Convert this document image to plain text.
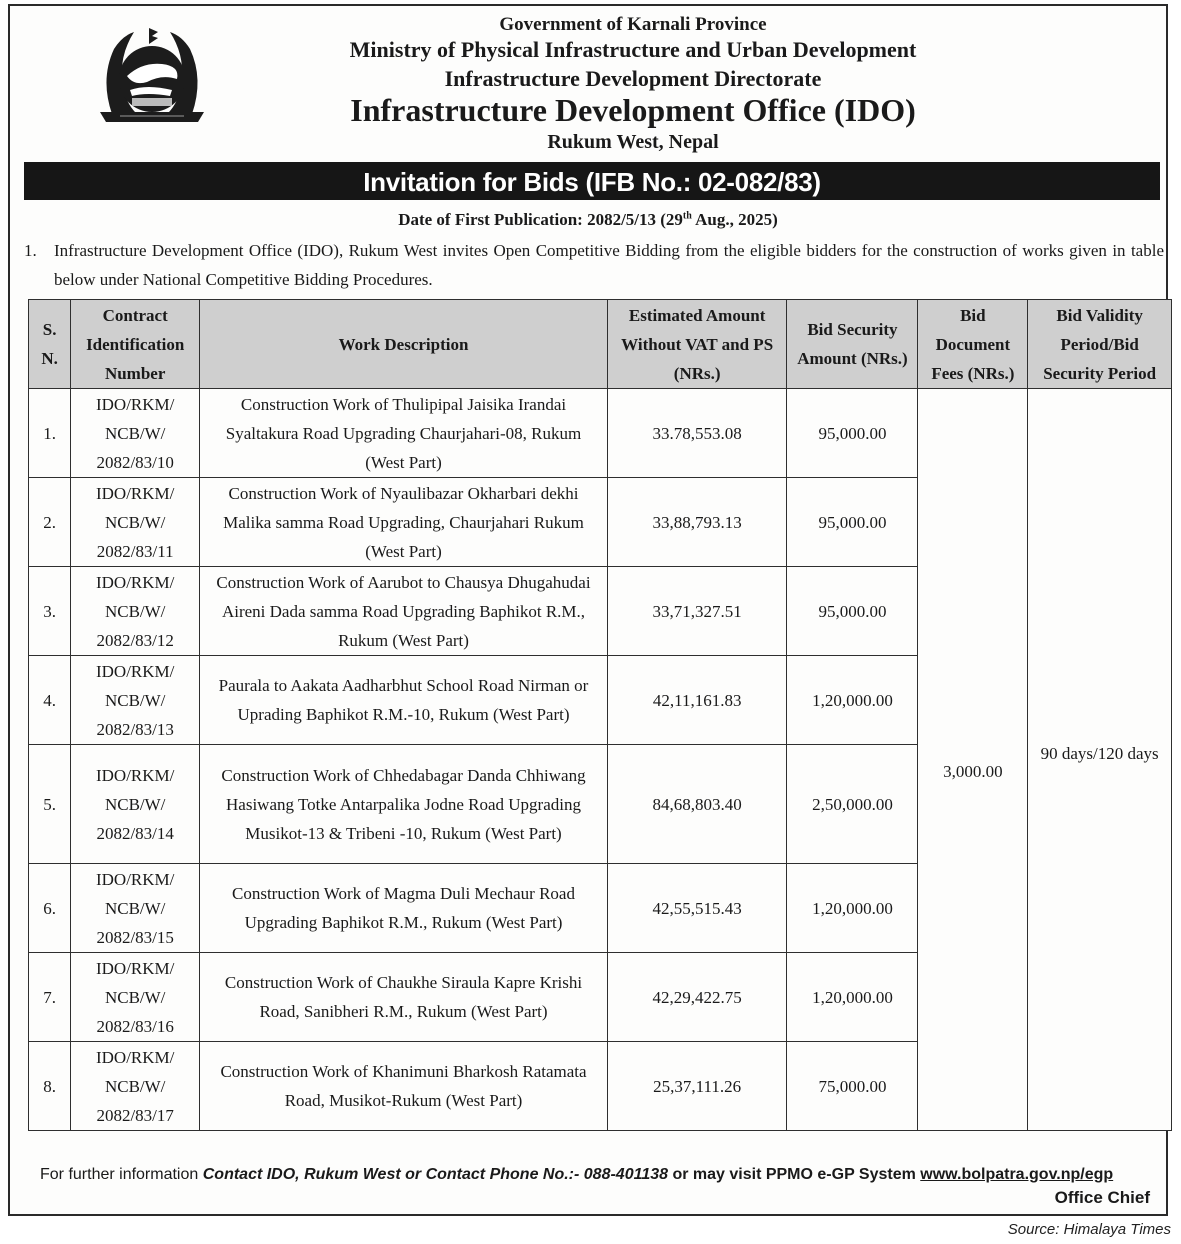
Government of Karnali Province
Ministry of Physical Infrastructure and Urban Development
Infrastructure Development Directorate
Infrastructure Development Office (IDO)
Rukum West, Nepal
Invitation for Bids (IFB No.: 02-082/83)
Date of First Publication: 2082/5/13 (29th Aug., 2025)
1. Infrastructure Development Office (IDO), Rukum West invites Open Competitive Bidding from the eligible bidders for the construction of works given in table below under National Competitive Bidding Procedures.
S. N.	Contract Identification Number	Work Description	Estimated Amount Without VAT and PS (NRs.)	Bid Security Amount (NRs.)	Bid Document Fees (NRs.)	Bid Validity Period/Bid Security Period
1.	IDO/RKM/ NCB/W/ 2082/83/10	Construction Work of Thulipipal Jaisika Irandai Syaltakura Road Upgrading Chaurjahari-08, Rukum (West Part)	33.78,553.08	95,000.00	3,000.00	90 days/120 days
2.	IDO/RKM/ NCB/W/ 2082/83/11	Construction Work of Nyaulibazar Okharbari dekhi Malika samma Road Upgrading, Chaurjahari Rukum (West Part)	33,88,793.13	95,000.00		
3.	IDO/RKM/ NCB/W/ 2082/83/12	Construction Work of Aarubot to Chausya Dhugahudai Aireni Dada samma Road Upgrading Baphikot R.M., Rukum (West Part)	33,71,327.51	95,000.00		
4.	IDO/RKM/ NCB/W/ 2082/83/13	Paurala to Aakata Aadharbhut School Road Nirman or Uprading Baphikot R.M.-10, Rukum (West Part)	42,11,161.83	1,20,000.00		
5.	IDO/RKM/ NCB/W/ 2082/83/14	Construction Work of Chhedabagar Danda Chhiwang Hasiwang Totke Antarpalika Jodne Road Upgrading Musikot-13 & Tribeni -10, Rukum (West Part)	84,68,803.40	2,50,000.00		
6.	IDO/RKM/ NCB/W/ 2082/83/15	Construction Work of Magma Duli Mechaur Road Upgrading Baphikot R.M., Rukum (West Part)	42,55,515.43	1,20,000.00		
7.	IDO/RKM/ NCB/W/ 2082/83/16	Construction Work of Chaukhe Siraula Kapre Krishi Road, Sanibheri R.M., Rukum (West Part)	42,29,422.75	1,20,000.00		
8.	IDO/RKM/ NCB/W/ 2082/83/17	Construction Work of Khanimuni Bharkosh Ratamata Road, Musikot-Rukum (West Part)	25,37,111.26	75,000.00		
For further information Contact IDO, Rukum West or Contact Phone No.:- 088-401138 or may visit PPMO e-GP System www.bolpatra.gov.np/egp
Office Chief
Source: Himalaya Times
